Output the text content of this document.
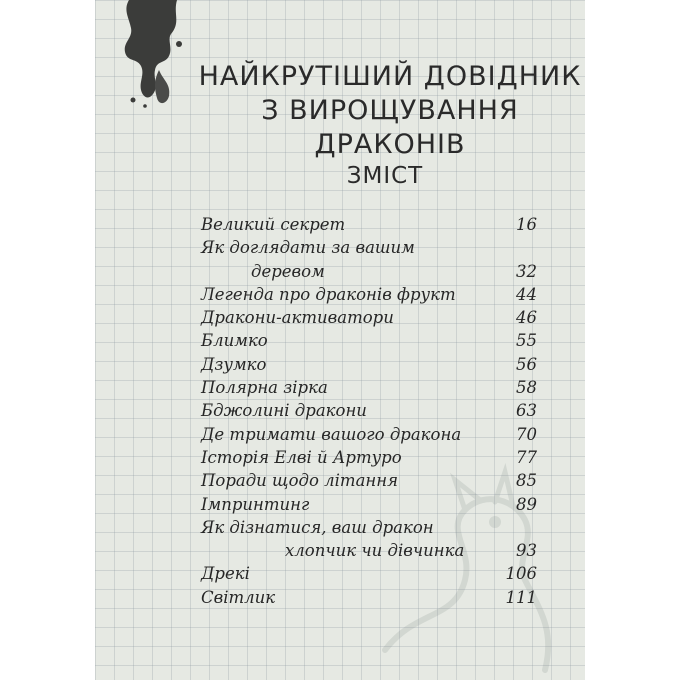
НАЙКРУТІШИЙ ДОВІДНИК
З ВИРОЩУВАННЯ ДРАКОНІВ
ЗМІСТ
Великий секрет	16
Як доглядати за вашим
деревом	32
Легенда про драконів фрукт	44
Дракони-активатори	46
Блимко	55
Дзумко	56
Полярна зірка	58
Бджолині дракони	63
Де тримати вашого дракона	70
Історія Елві й Артуро	77
Поради щодо літання	85
Імпринтинг	89
Як дізнатися, ваш дракон
хлопчик чи дівчинка	93
Дрекі	106
Світлик	111
